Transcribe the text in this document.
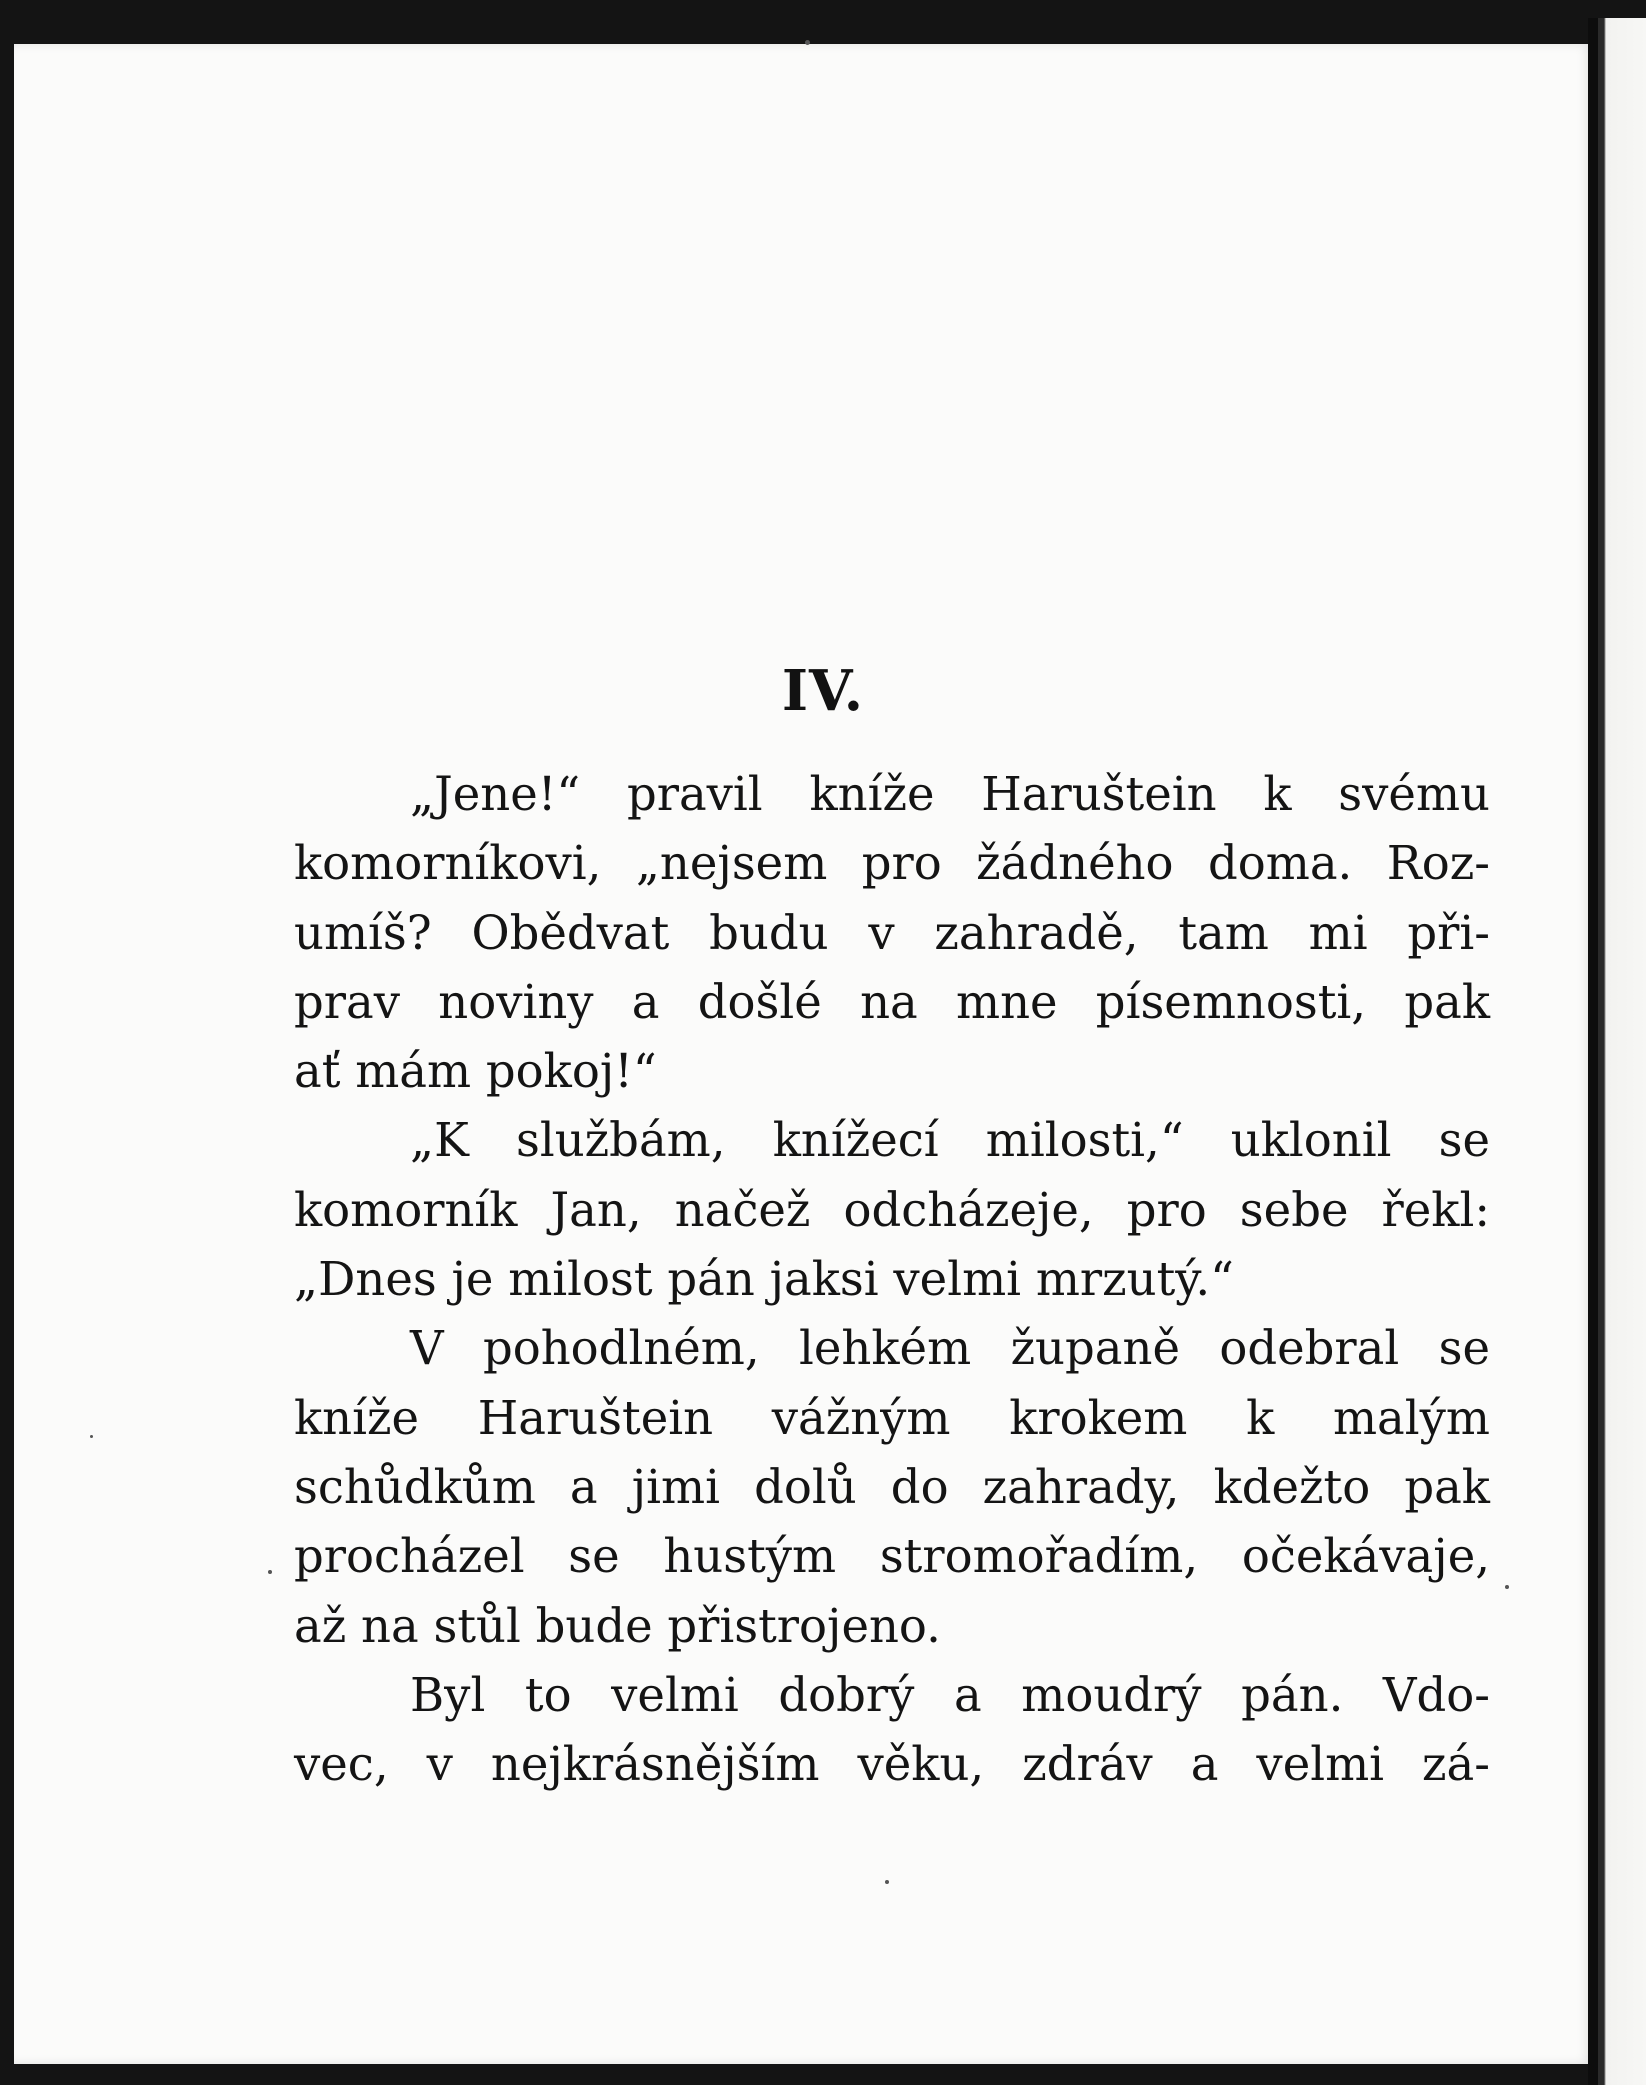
IV.
„Jene!“ pravil kníže Haruštein k svému
komorníkovi, „nejsem pro žádného doma. Roz-
umíš? Obědvat budu v zahradě, tam mi při-
prav noviny a došlé na mne písemnosti, pak
ať mám pokoj!“
„K službám, knížecí milosti,“ uklonil se
komorník Jan, načež odcházeje, pro sebe řekl:
„Dnes je milost pán jaksi velmi mrzutý.“
V pohodlném, lehkém županě odebral se
kníže Haruštein vážným krokem k malým
schůdkům a jimi dolů do zahrady, kdežto pak
procházel se hustým stromořadím, očekávaje,
až na stůl bude přistrojeno.
Byl to velmi dobrý a moudrý pán. Vdo-
vec, v nejkrásnějším věku, zdráv a velmi zá-
